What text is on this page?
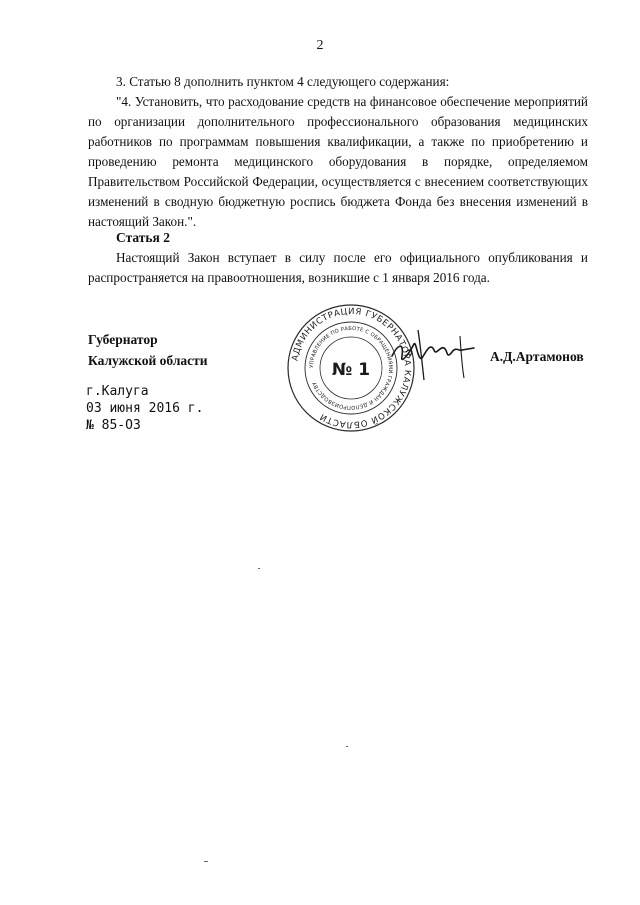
2
3. Статью 8 дополнить пунктом 4 следующего содержания:
"4. Установить, что расходование средств на финансовое обеспечение мероприятий по организации дополнительного профессионального образования медицинских работников по программам повышения квалификации, а также по приобретению и проведению ремонта медицинского оборудования в порядке, определяемом Правительством Российской Федерации, осуществляется с внесением соответствующих изменений в сводную бюджетную роспись бюджета Фонда без внесения изменений в настоящий Закон.".
Статья 2
Настоящий Закон вступает в силу после его официального опубликования и распространяется на правоотношения, возникшие с 1 января 2016 года.
Губернатор
Калужской области
г.Калуга
03 июня 2016 г.
№ 85-ОЗ
АДМИНИСТРАЦИЯ ГУБЕРНАТОРА КАЛУЖСКОЙ ОБЛАСТИ
УПРАВЛЕНИЕ ПО РАБОТЕ С ОБРАЩЕНИЯМИ ГРАЖДАН И ДЕЛОПРОИЗВОДСТВУ
№ 1
А.Д.Артамонов
